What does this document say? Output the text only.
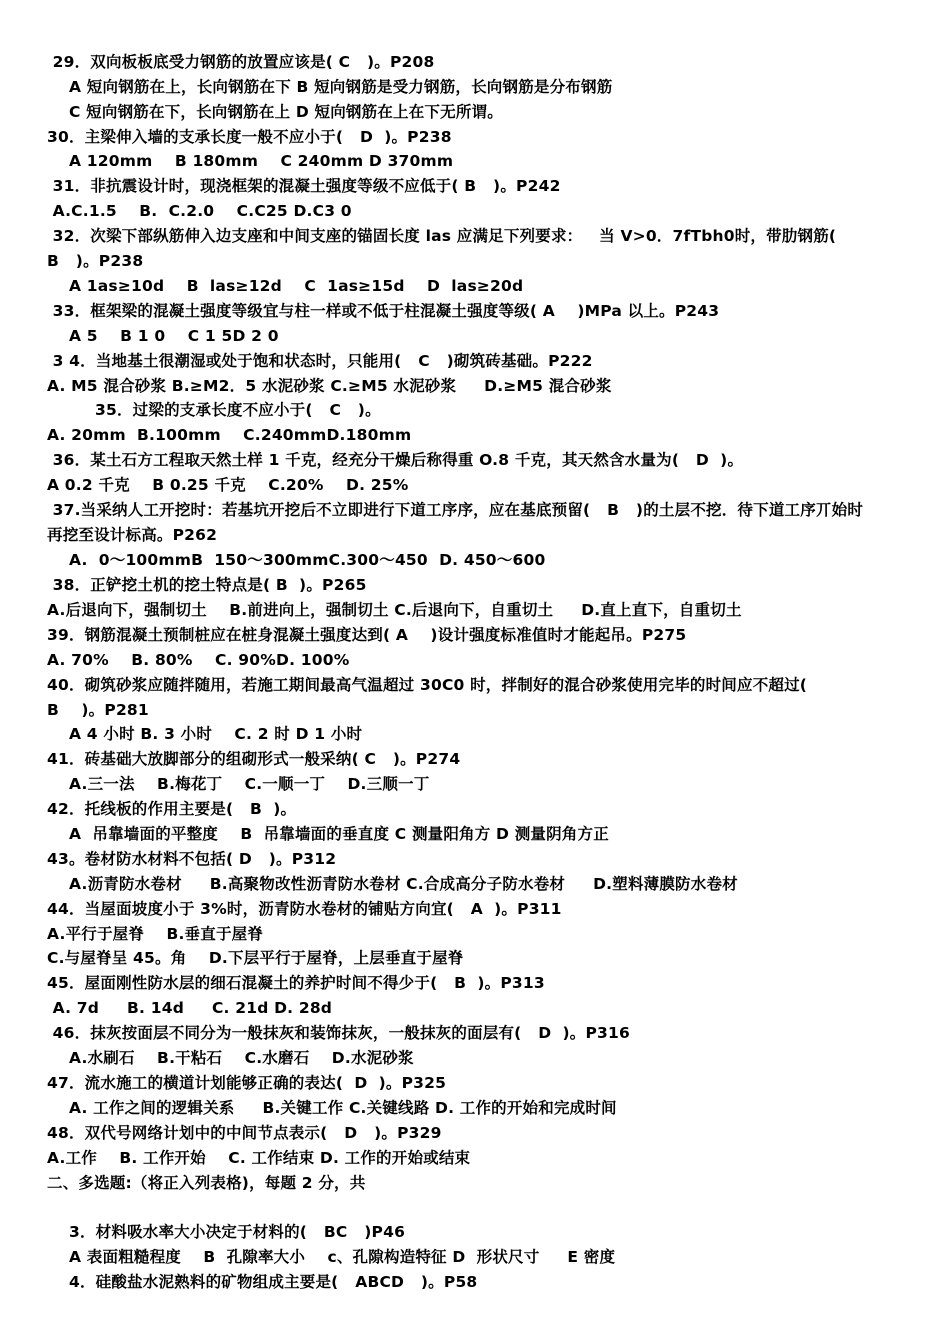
29．双向板板底受力钢筋的放置应该是( C   )。P208
A 短向钢筋在上，长向钢筋在下 B 短向钢筋是受力钢筋，长向钢筋是分布钢筋
C 短向钢筋在下，长向钢筋在上 D 短向钢筋在上在下无所谓。
30．主梁伸入墙的支承长度一般不应小于(   D  )。P238
A 120mm    B 180mm    C 240mm D 370mm
31．非抗震设计时，现浇框架的混凝土强度等级不应低于( B   )。P242
A.C.1.5    B.  C.2.0    C.C25 D.C3 0
32．次梁下部纵筋伸入边支座和中间支座的锚固长度 las 应满足下列要求：   当 V>0．7fTbh0时，带肋钢筋(
B   )。P238
A 1as≥10d    B  las≥12d    C  1as≥15d    D  las≥20d
33．框架梁的混凝土强度等级宜与柱一样或不低于柱混凝土强度等级( A    )MPa 以上。P243
A 5    B 1 0    C 1 5D 2 0
3 4．当地基土很潮湿或处于饱和状态时，只能用(   C   )砌筑砖基础。P222
A. M5 混合砂浆 B.≥M2．5 水泥砂浆 C.≥M5 水泥砂浆     D.≥M5 混合砂浆
35．过梁的支承长度不应小于(   C   )。
A. 20mm  B.100mm    C.240mmD.180mm
36．某土石方工程取天然土样 1 千克，经充分干燥后称得重 O.8 千克，其天然含水量为(   D  )。
A 0.2 千克    B 0.25 千克    C.20%    D. 25%
37.当采纳人工开挖时：若基坑开挖后不立即进行下道工序序，应在基底预留(   B   )的土层不挖．待下道工序丌始时
再挖至设计标高。P262
A.  0～100mmB  150～300mmC.300～450  D. 450～600
38．正铲挖土机的挖土特点是( B  )。P265
A.后退向下，强制切土    B.前进向上，强制切土 C.后退向下，自重切土     D.直上直下，自重切土
39．钢筋混凝土预制桩应在桩身混凝土强度达到( A    )设计强度标准值时才能起吊。P275
A. 70%    B. 80%    C. 90%D. 100%
40．砌筑砂浆应随拌随用，若施工期间最高气温超过 30C0 时，拌制好的混合砂浆使用完毕的时间应不超过(
B    )。P281
A 4 小时 B. 3 小时    C. 2 时 D 1 小时
41．砖基础大放脚部分的组砌形式一般采纳( C   )。P274
A.三一法    B.梅花丁    C.一顺一丁    D.三顺一丁
42．托线板的作用主要是(   B  )。
A  吊靠墙面的平整度    B  吊靠墙面的垂直度 C 测量阳角方 D 测量阴角方正
43。卷材防水材料不包括( D   )。P312
A.沥青防水卷材     B.高聚物改性沥青防水卷材 C.合成高分子防水卷材     D.塑料薄膜防水卷材
44．当屋面坡度小于 3%时，沥青防水卷材的铺贴方向宜(   A  )。P311
A.平行于屋脊    B.垂直于屋脊
C.与屋脊呈 45。角    D.下层平行于屋脊，上层垂直于屋脊
45．屋面刚性防水层的细石混凝土的养护时间不得少于(   B  )。P313
A. 7d     B. 14d     C. 21d D. 28d
46．抹灰按面层不同分为一般抹灰和装饰抹灰，一般抹灰的面层有(   D  )。P316
A.水刷石    B.干粘石    C.水磨石    D.水泥砂浆
47．流水施工的横道计划能够正确的表达(  D  )。P325
A. 工作之间的逻辑关系     B.关键工作 C.关键线路 D. 工作的开始和完成时间
48．双代号网络计划中的中间节点表示(   D   )。P329
A.工作    B. 工作开始    C. 工作结束 D. 工作的开始或结束
二、多选题:（将正入列表格)，每题 2 分，共
3．材料吸水率大小决定于材料的(   BC   )P46
A 表面粗糙程度    B  孔隙率大小    c、孔隙构造特征 D  形状尺寸     E 密度
4．硅酸盐水泥熟料的矿物组成主要是(   ABCD   )。P58
